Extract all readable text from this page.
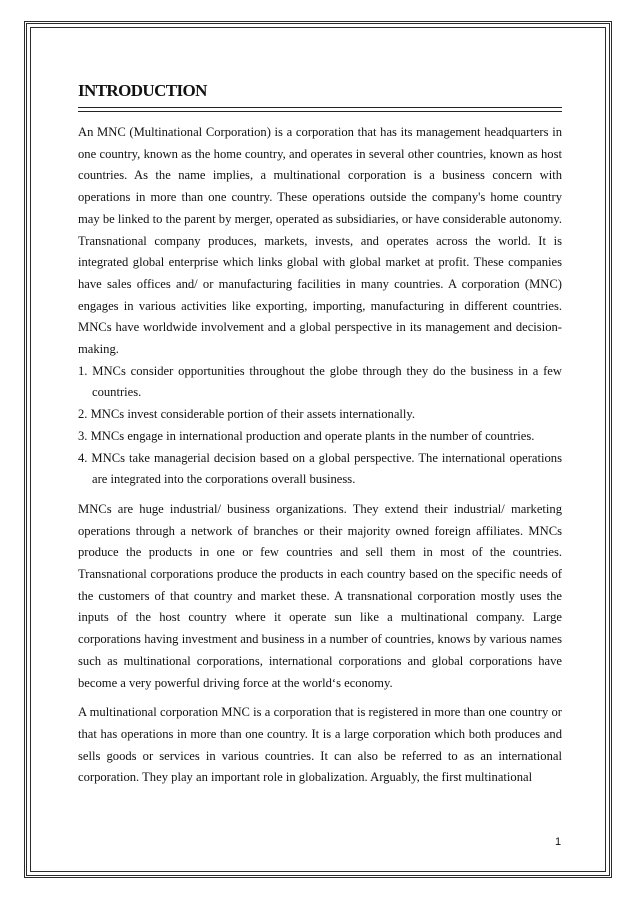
INTRODUCTION

An MNC (Multinational Corporation) is a corporation that has its management headquarters in one country, known as the home country, and operates in several other countries, known as host countries. As the name implies, a multinational corporation is a business concern with operations in more than one country. These operations outside the company's home country may be linked to the parent by merger, operated as subsidiaries, or have considerable autonomy. Transnational company produces, markets, invests, and operates across the world. It is integrated global enterprise which links global with global market at profit. These companies have sales offices and/ or manufacturing facilities in many countries. A corporation (MNC) engages in various activities like exporting, importing, manufacturing in different countries. MNCs have worldwide involvement and a global perspective in its management and decision- making.

1. MNCs consider opportunities throughout the globe through they do the business in a few countries.
2. MNCs invest considerable portion of their assets internationally.
3. MNCs engage in international production and operate plants in the number of countries.
4. MNCs take managerial decision based on a global perspective. The international operations are integrated into the corporations overall business.

MNCs are huge industrial/ business organizations. They extend their industrial/ marketing operations through a network of branches or their majority owned foreign affiliates. MNCs produce the products in one or few countries and sell them in most of the countries. Transnational corporations produce the products in each country based on the specific needs of the customers of that country and market these. A transnational corporation mostly uses the inputs of the host country where it operate sun like a multinational company. Large corporations having investment and business in a number of countries, knows by various names such as multinational corporations, international corporations and global corporations have become a very powerful driving force at the world‘s economy.

A multinational corporation MNC is a corporation that is registered in more than one country or that has operations in more than one country. It is a large corporation which both produces and sells goods or services in various countries. It can also be referred to as an international corporation. They play an important role in globalization. Arguably, the first multinational

1
